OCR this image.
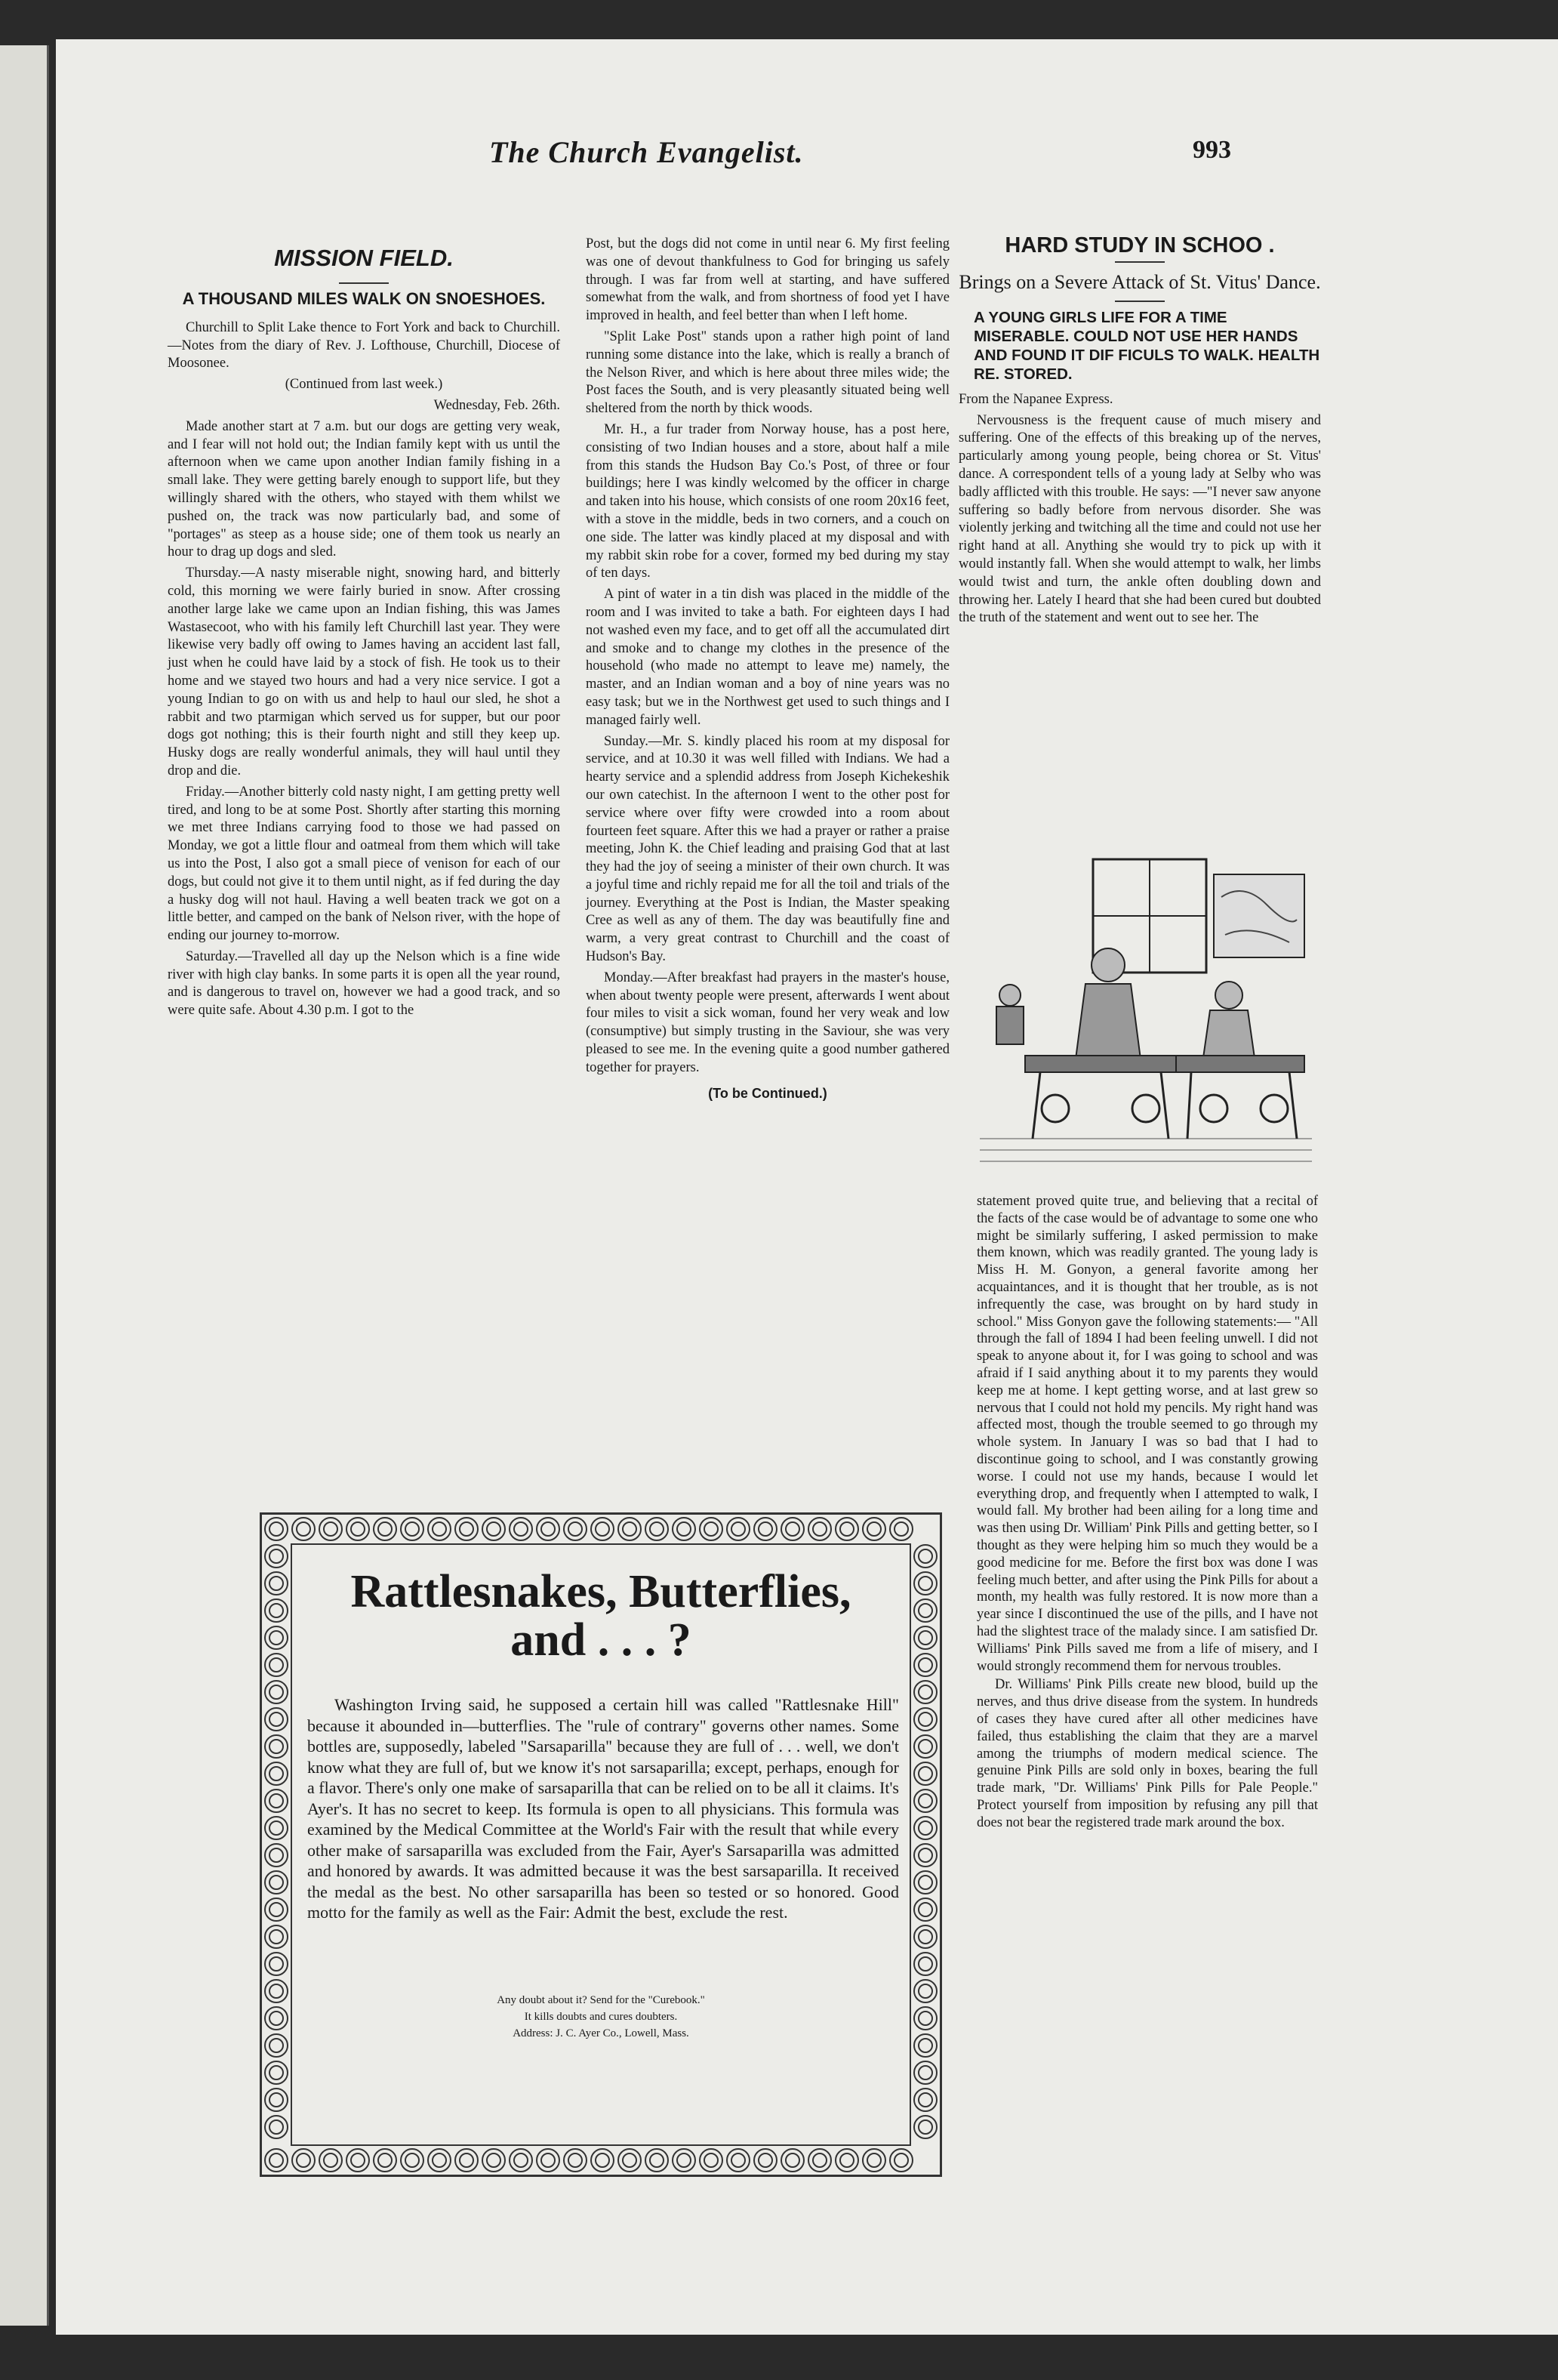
The Church Evangelist.	993
MISSION FIELD.
A THOUSAND MILES WALK ON SNOESHOES.

Churchill to Split Lake thence to Fort York and back to Churchill.—Notes from the diary of Rev. J. Lofthouse, Churchill, Diocese of Moosonee.

(Continued from last week.)

Wednesday, Feb. 26th.

Made another start at 7 a.m. but our dogs are getting very weak, and I fear will not hold out; the Indian family kept with us until the afternoon when we came upon another Indian family fishing in a small lake. They were getting barely enough to support life, but they willingly shared with the others, who stayed with them whilst we pushed on, the track was now particularly bad, and some of "portages" as steep as a house side; one of them took us nearly an hour to drag up dogs and sled.

Thursday.—A nasty miserable night, snowing hard, and bitterly cold, this morning we were fairly buried in snow. After crossing another large lake we came upon an Indian fishing, this was James Wastasecoot, who with his family left Churchill last year. They were likewise very badly off owing to James having an accident last fall, just when he could have laid by a stock of fish. He took us to their home and we stayed two hours and had a very nice service. I got a young Indian to go on with us and help to haul our sled, he shot a rabbit and two ptarmigan which served us for supper, but our poor dogs got nothing; this is their fourth night and still they keep up. Husky dogs are really wonderful animals, they will haul until they drop and die.

Friday.—Another bitterly cold nasty night, I am getting pretty well tired, and long to be at some Post. Shortly after starting this morning we met three Indians carrying food to those we had passed on Monday, we got a little flour and oatmeal from them which will take us into the Post, I also got a small piece of venison for each of our dogs, but could not give it to them until night, as if fed during the day a husky dog will not haul. Having a well beaten track we got on a little better, and camped on the bank of Nelson river, with the hope of ending our journey to-morrow.

Saturday.—Travelled all day up the Nelson which is a fine wide river with high clay banks. In some parts it is open all the year round, and is dangerous to travel on, however we had a good track, and so were quite safe. About 4.30 p.m. I got to the

Post, but the dogs did not come in until near 6. My first feeling was one of devout thankfulness to God for bringing us safely through. I was far from well at starting, and have suffered somewhat from the walk, and from shortness of food yet I have improved in health, and feel better than when I left home.

"Split Lake Post" stands upon a rather high point of land running some distance into the lake, which is really a branch of the Nelson River, and which is here about three miles wide; the Post faces the South, and is very pleasantly situated being well sheltered from the north by thick woods.

Mr. H., a fur trader from Norway house, has a post here, consisting of two Indian houses and a store, about half a mile from this stands the Hudson Bay Co.'s Post, of three or four buildings; here I was kindly welcomed by the officer in charge and taken into his house, which consists of one room 20x16 feet, with a stove in the middle, beds in two corners, and a couch on one side. The latter was kindly placed at my disposal and with my rabbit skin robe for a cover, formed my bed during my stay of ten days.

A pint of water in a tin dish was placed in the middle of the room and I was invited to take a bath. For eighteen days I had not washed even my face, and to get off all the accumulated dirt and smoke and to change my clothes in the presence of the household (who made no attempt to leave me) namely, the master, and an Indian woman and a boy of nine years was no easy task; but we in the Northwest get used to such things and I managed fairly well.

Sunday.—Mr. S. kindly placed his room at my disposal for service, and at 10.30 it was well filled with Indians. We had a hearty service and a splendid address from Joseph Kichekeshik our own catechist. In the afternoon I went to the other post for service where over fifty were crowded into a room about fourteen feet square. After this we had a prayer or rather a praise meeting, John K. the Chief leading and praising God that at last they had the joy of seeing a minister of their own church. It was a joyful time and richly repaid me for all the toil and trials of the journey. Everything at the Post is Indian, the Master speaking Cree as well as any of them. The day was beautifully fine and warm, a very great contrast to Churchill and the coast of Hudson's Bay.

Monday.—After breakfast had prayers in the master's house, when about twenty people were present, afterwards I went about four miles to visit a sick woman, found her very weak and low (consumptive) but simply trusting in the Saviour, she was very pleased to see me. In the evening quite a good number gathered together for prayers.

(To be Continued.)
HARD STUDY IN SCHOO .
Brings on a Severe Attack of St. Vitus' Dance.
A YOUNG GIRLS LIFE FOR A TIME MISERABLE. COULD NOT USE HER HANDS AND FOUND IT DIF FICULS TO WALK. HEALTH RE. STORED.

From the Napanee Express.

Nervousness is the frequent cause of much misery and suffering. One of the effects of this breaking up of the nerves, particularly among young people, being chorea or St. Vitus' dance. A correspondent tells of a young lady at Selby who was badly afflicted with this trouble. He says: —"I never saw anyone suffering so badly before from nervous disorder. She was violently jerking and twitching all the time and could not use her right hand at all. Anything she would try to pick up with it would instantly fall. When she would attempt to walk, her limbs would twist and turn, the ankle often doubling down and throwing her. Lately I heard that she had been cured but doubted the truth of the statement and went out to see her. The

statement proved quite true, and believing that a recital of the facts of the case would be of advantage to some one who might be similarly suffering, I asked permission to make them known, which was readily granted. The young lady is Miss H. M. Gonyon, a general favorite among her acquaintances, and it is thought that her trouble, as is not infrequently the case, was brought on by hard study in school." Miss Gonyon gave the following statements:— "All through the fall of 1894 I had been feeling unwell. I did not speak to anyone about it, for I was going to school and was afraid if I said anything about it to my parents they would keep me at home. I kept getting worse, and at last grew so nervous that I could not hold my pencils. My right hand was affected most, though the trouble seemed to go through my whole system. In January I was so bad that I had to discontinue going to school, and I was constantly growing worse. I could not use my hands, because I would let everything drop, and frequently when I attempted to walk, I would fall. My brother had been ailing for a long time and was then using Dr. William' Pink Pills and getting better, so I thought as they were helping him so much they would be a good medicine for me. Before the first box was done I was feeling much better, and after using the Pink Pills for about a month, my health was fully restored. It is now more than a year since I discontinued the use of the pills, and I have not had the slightest trace of the malady since. I am satisfied Dr. Williams' Pink Pills saved me from a life of misery, and I would strongly recommend them for nervous troubles.

Dr. Williams' Pink Pills create new blood, build up the nerves, and thus drive disease from the system. In hundreds of cases they have cured after all other medicines have failed, thus establishing the claim that they are a marvel among the triumphs of modern medical science. The genuine Pink Pills are sold only in boxes, bearing the full trade mark, "Dr. Williams' Pink Pills for Pale People." Protect yourself from imposition by refusing any pill that does not bear the registered trade mark around the box.

Rattlesnakes, Butterflies,
and . . . ?

Washington Irving said, he supposed a certain hill was called "Rattlesnake Hill" because it abounded in—butterflies. The "rule of contrary" governs other names. Some bottles are, supposedly, labeled "Sarsaparilla" because they are full of . . . well, we don't know what they are full of, but we know it's not sarsaparilla; except, perhaps, enough for a flavor. There's only one make of sarsaparilla that can be relied on to be all it claims. It's Ayer's. It has no secret to keep. Its formula is open to all physicians. This formula was examined by the Medical Committee at the World's Fair with the result that while every other make of sarsaparilla was excluded from the Fair, Ayer's Sarsaparilla was admitted and honored by awards. It was admitted because it was the best sarsaparilla. It received the medal as the best. No other sarsaparilla has been so tested or so honored. Good motto for the family as well as the Fair: Admit the best, exclude the rest.

Any doubt about it? Send for the "Curebook."
It kills doubts and cures doubters.
Address: J. C. Ayer Co., Lowell, Mass.
